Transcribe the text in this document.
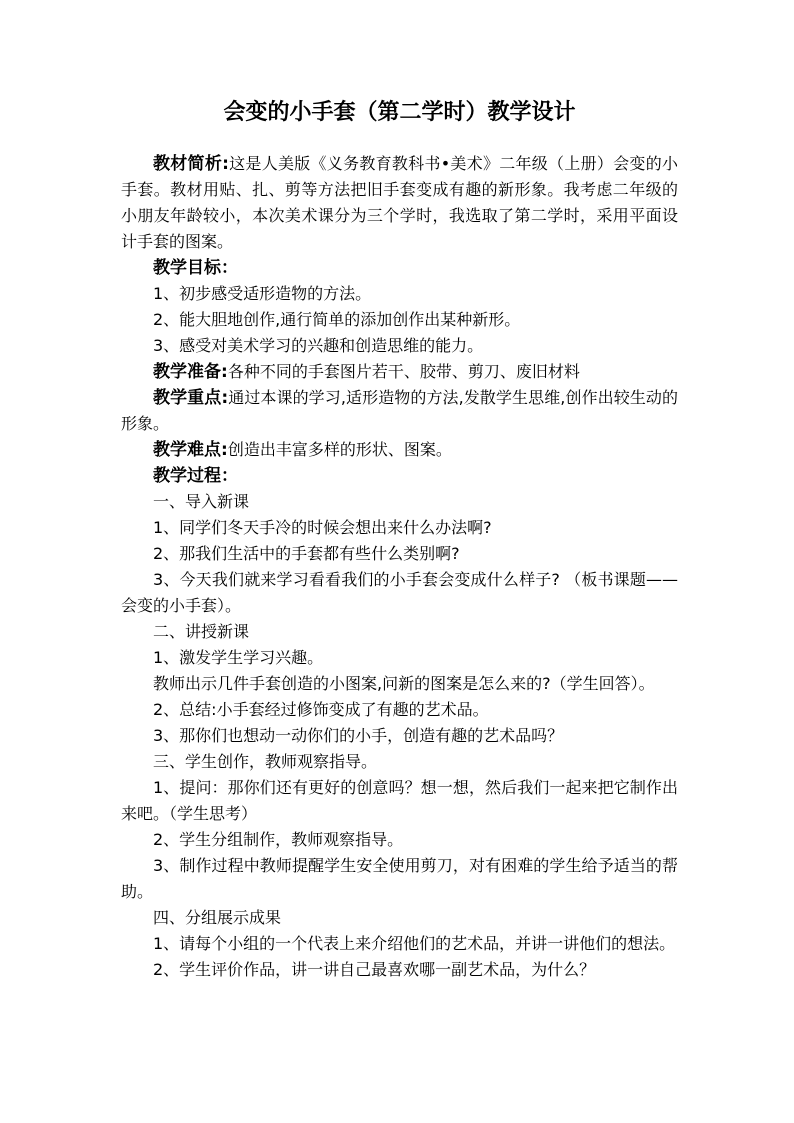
会变的小手套（第二学时）教学设计

教材简析:这是人美版《义务教育教科书•美术》二年级（上册）会变的小手套。教材用贴、扎、剪等方法把旧手套变成有趣的新形象。我考虑二年级的小朋友年龄较小，本次美术课分为三个学时，我选取了第二学时，采用平面设计手套的图案。

教学目标：

1、初步感受适形造物的方法。

2、能大胆地创作,通行简单的添加创作出某种新形。

3、感受对美术学习的兴趣和创造思维的能力。

教学准备:各种不同的手套图片若干、胶带、剪刀、废旧材料

教学重点:通过本课的学习,适形造物的方法,发散学生思维,创作出较生动的形象。

教学难点:创造出丰富多样的形状、图案。

教学过程：

一、导入新课

1、同学们冬天手冷的时候会想出来什么办法啊?

2、那我们生活中的手套都有些什么类别啊?

3、今天我们就来学习看看我们的小手套会变成什么样子? （板书课题——会变的小手套）。

二、讲授新课

1、激发学生学习兴趣。

教师出示几件手套创造的小图案,问新的图案是怎么来的?（学生回答）。

2、总结:小手套经过修饰变成了有趣的艺术品。

3、那你们也想动一动你们的小手，创造有趣的艺术品吗？

三、学生创作，教师观察指导。

1、提问：那你们还有更好的创意吗？想一想，然后我们一起来把它制作出来吧。（学生思考）

2、学生分组制作，教师观察指导。

3、制作过程中教师提醒学生安全使用剪刀，对有困难的学生给予适当的帮助。

四、分组展示成果

1、请每个小组的一个代表上来介绍他们的艺术品，并讲一讲他们的想法。

2、学生评价作品，讲一讲自己最喜欢哪一副艺术品，为什么？
